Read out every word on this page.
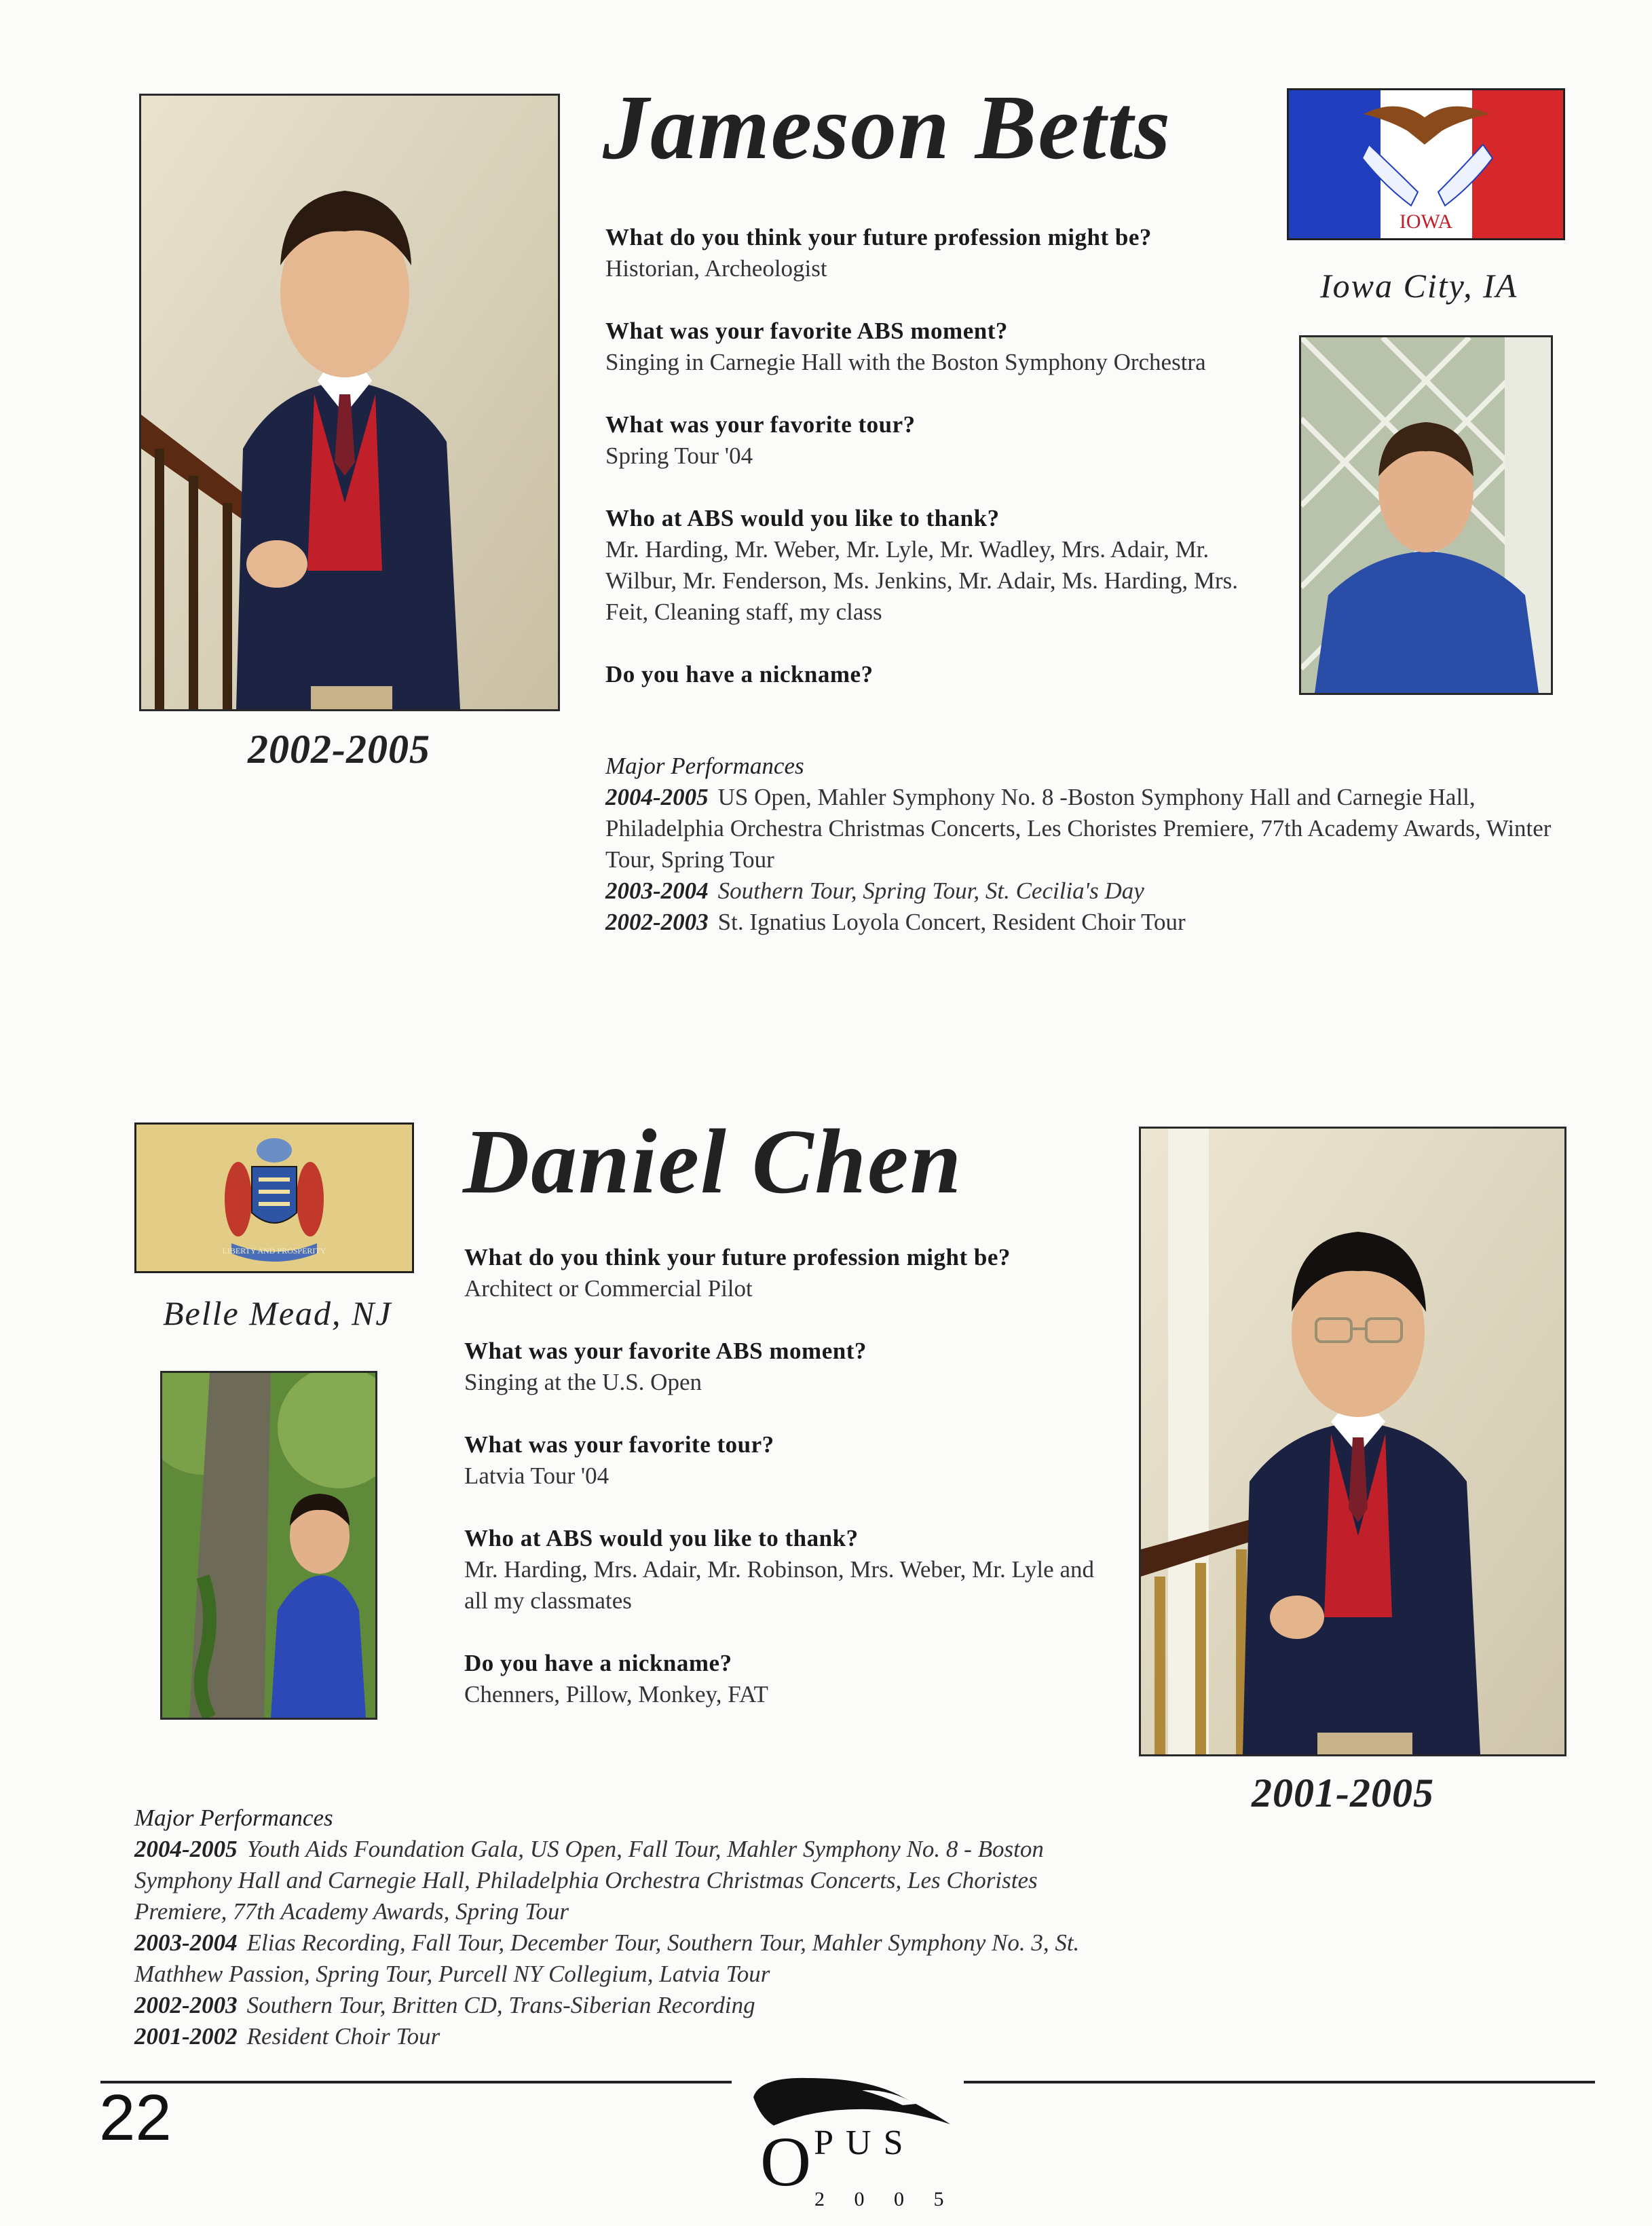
2002-2005
Jameson Betts
IOWA
Iowa City, IA
What do you think your future profession might be?
Historian, Archeologist
What was your favorite ABS moment?
Singing in Carnegie Hall with the Boston Symphony Orchestra
What was your favorite tour?
Spring Tour '04
Who at ABS would you like to thank?
Mr. Harding, Mr. Weber, Mr. Lyle, Mr. Wadley, Mrs. Adair, Mr. Wilbur, Mr. Fenderson, Ms. Jenkins, Mr. Adair, Ms. Harding, Mrs. Feit, Cleaning staff, my class
Do you have a nickname?
Major Performances
2004-2005 US Open, Mahler Symphony No. 8 -Boston Symphony Hall and Carnegie Hall, Philadelphia Orchestra Christmas Concerts, Les Choristes Premiere, 77th Academy Awards, Winter Tour, Spring Tour
2003-2004 Southern Tour, Spring Tour, St. Cecilia's Day
2002-2003 St. Ignatius Loyola Concert, Resident Choir Tour
LIBERTY AND PROSPERITY
Belle Mead, NJ
Daniel Chen
2001-2005
What do you think your future profession might be?
Architect or Commercial Pilot
What was your favorite ABS moment?
Singing at the U.S. Open
What was your favorite tour?
Latvia Tour '04
Who at ABS would you like to thank?
Mr. Harding, Mrs. Adair, Mr. Robinson, Mrs. Weber, Mr. Lyle and all my classmates
Do you have a nickname?
Chenners, Pillow, Monkey, FAT
Major Performances
2004-2005 Youth Aids Foundation Gala, US Open, Fall Tour, Mahler Symphony No. 8 - Boston Symphony Hall and Carnegie Hall, Philadelphia Orchestra Christmas Concerts, Les Choristes Premiere, 77th Academy Awards, Spring Tour
2003-2004 Elias Recording, Fall Tour, December Tour, Southern Tour, Mahler Symphony No. 3, St. Mathhew Passion, Spring Tour, Purcell NY Collegium, Latvia Tour
2002-2003 Southern Tour, Britten CD, Trans-Siberian Recording
2001-2002 Resident Choir Tour
22
O P U S
2 0 0 5
